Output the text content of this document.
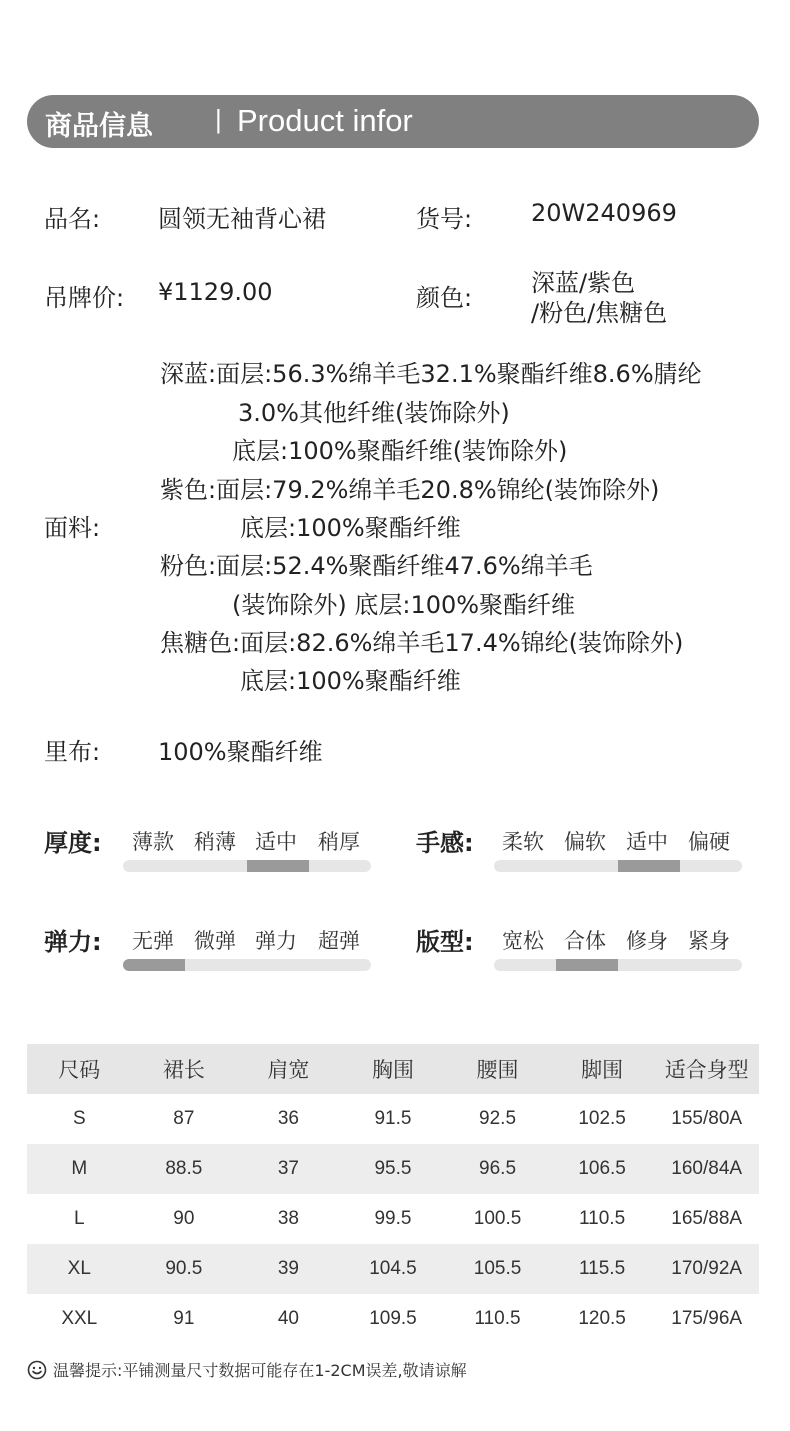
商品信息 | Product infor
品名: 圆领无袖背心裙	货号: 20W240969
吊牌价: ¥1129.00	颜色:
深蓝/紫色
/粉色/焦糖色
面料:
深蓝:面层:56.3%绵羊毛32.1%聚酯纤维8.6%腈纶
3.0%其他纤维(装饰除外)
底层:100%聚酯纤维(装饰除外)
紫色:面层:79.2%绵羊毛20.8%锦纶(装饰除外)
底层:100%聚酯纤维
粉色:面层:52.4%聚酯纤维47.6%绵羊毛
(装饰除外) 底层:100%聚酯纤维
焦糖色:面层:82.6%绵羊毛17.4%锦纶(装饰除外)
底层:100%聚酯纤维
里布: 100%聚酯纤维
厚度: 薄款 稍薄 适中 稍厚 手感: 柔软 偏软 适中 偏硬
弹力: 无弹 微弹 弹力 超弹 版型: 宽松 合体 修身 紧身
尺码	裙长	肩宽	胸围	腰围	脚围	适合身型
S	87	36	91.5	92.5	102.5	155/80A
M	88.5	37	95.5	96.5	106.5	160/84A
L	90	38	99.5	100.5	110.5	165/88A
XL	90.5	39	104.5	105.5	115.5	170/92A
XXL	91	40	109.5	110.5	120.5	175/96A
温馨提示:平铺测量尺寸数据可能存在1-2CM误差,敬请谅解
